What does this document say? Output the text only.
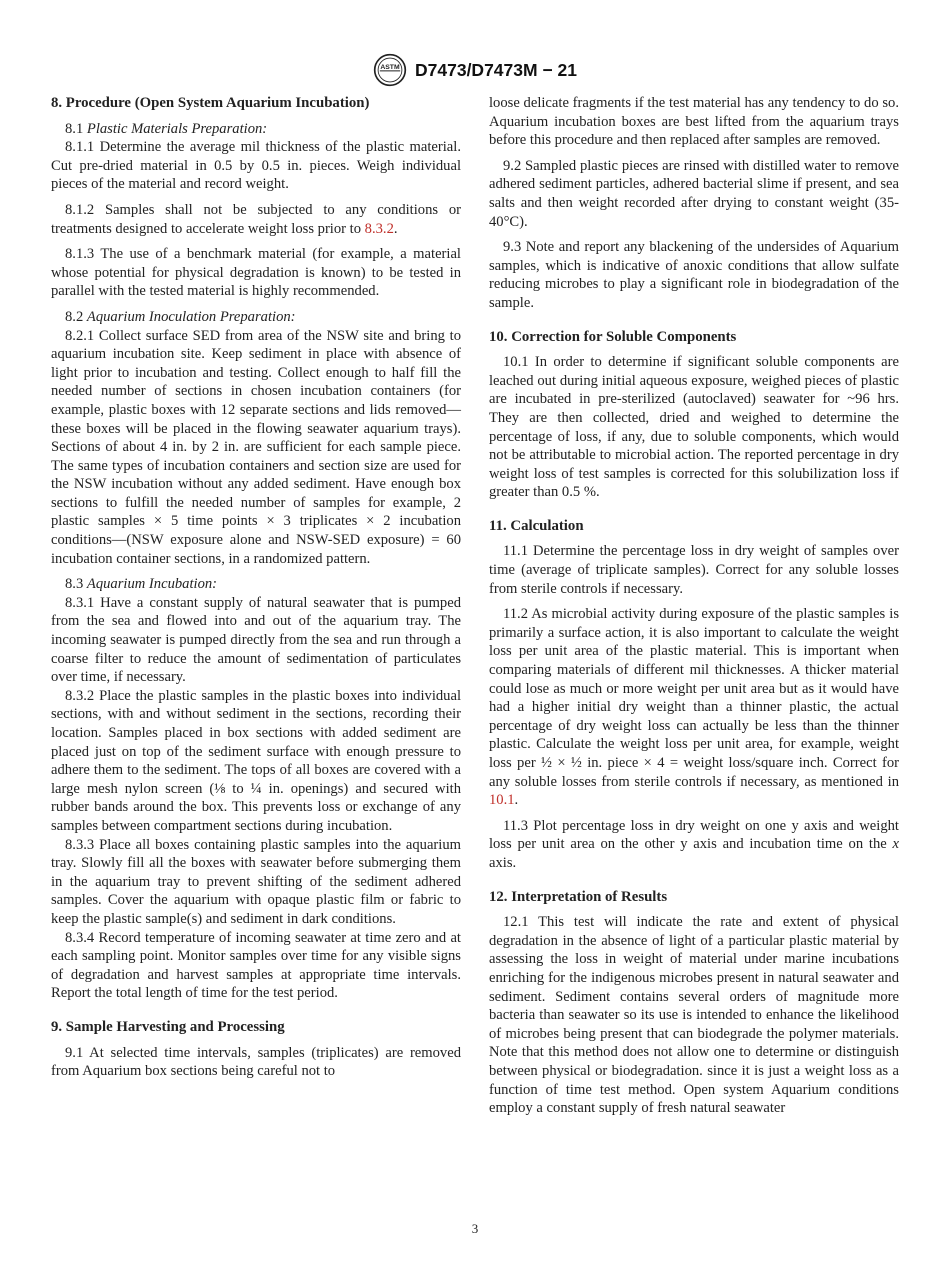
ASTM D7473/D7473M − 21
8. Procedure (Open System Aquarium Incubation)

8.1 Plastic Materials Preparation:

8.1.1 Determine the average mil thickness of the plastic material. Cut pre-dried material in 0.5 by 0.5 in. pieces. Weigh individual pieces of the material and record weight.

8.1.2 Samples shall not be subjected to any conditions or treatments designed to accelerate weight loss prior to 8.3.2.

8.1.3 The use of a benchmark material (for example, a material whose potential for physical degradation is known) to be tested in parallel with the tested material is highly recommended.

8.2 Aquarium Inoculation Preparation:

8.2.1 Collect surface SED from area of the NSW site and bring to aquarium incubation site. Keep sediment in place with absence of light prior to incubation and testing. Collect enough to half fill the needed number of sections in chosen incubation containers (for example, plastic boxes with 12 separate sections and lids removed—these boxes will be placed in the flowing seawater aquarium trays). Sections of about 4 in. by 2 in. are sufficient for each sample piece. The same types of incubation containers and section size are used for the NSW incubation without any added sediment. Have enough box sections to fulfill the needed number of samples for example, 2 plastic samples × 5 time points × 3 triplicates × 2 incubation conditions—(NSW exposure alone and NSW-SED exposure) = 60 incubation container sections, in a randomized pattern.

8.3 Aquarium Incubation:

8.3.1 Have a constant supply of natural seawater that is pumped from the sea and flowed into and out of the aquarium tray. The incoming seawater is pumped directly from the sea and run through a coarse filter to reduce the amount of sedimentation of particulates over time, if necessary.

8.3.2 Place the plastic samples in the plastic boxes into individual sections, with and without sediment in the sections, recording their location. Samples placed in box sections with added sediment are placed just on top of the sediment surface with enough pressure to adhere them to the sediment. The tops of all boxes are covered with a large mesh nylon screen (⅛ to ¼ in. openings) and secured with rubber bands around the box. This prevents loss or exchange of any samples between compartment sections during incubation.

8.3.3 Place all boxes containing plastic samples into the aquarium tray. Slowly fill all the boxes with seawater before submerging them in the aquarium tray to prevent shifting of the sediment adhered samples. Cover the aquarium with opaque plastic film or fabric to keep the plastic sample(s) and sediment in dark conditions.

8.3.4 Record temperature of incoming seawater at time zero and at each sampling point. Monitor samples over time for any visible signs of degradation and harvest samples at appropriate time intervals. Report the total length of time for the test period.

9. Sample Harvesting and Processing

9.1 At selected time intervals, samples (triplicates) are removed from Aquarium box sections being careful not to

loose delicate fragments if the test material has any tendency to do so. Aquarium incubation boxes are best lifted from the aquarium trays before this procedure and then replaced after samples are removed.

9.2 Sampled plastic pieces are rinsed with distilled water to remove adhered sediment particles, adhered bacterial slime if present, and sea salts and then weight recorded after drying to constant weight (35-40°C).

9.3 Note and report any blackening of the undersides of Aquarium samples, which is indicative of anoxic conditions that allow sulfate reducing microbes to play a significant role in biodegradation of the sample.

10. Correction for Soluble Components

10.1 In order to determine if significant soluble components are leached out during initial aqueous exposure, weighed pieces of plastic are incubated in pre-sterilized (autoclaved) seawater for ~96 hrs. They are then collected, dried and weighed to determine the percentage of loss, if any, due to soluble components, which would not be attributable to microbial action. The reported percentage in dry weight loss of test samples is corrected for this solubilization loss if greater than 0.5 %.

11. Calculation

11.1 Determine the percentage loss in dry weight of samples over time (average of triplicate samples). Correct for any soluble losses from sterile controls if necessary.

11.2 As microbial activity during exposure of the plastic samples is primarily a surface action, it is also important to calculate the weight loss per unit area of the plastic material. This is important when comparing materials of different mil thicknesses. A thicker material could lose as much or more weight per unit area but as it would have had a higher initial dry weight than a thinner plastic, the actual percentage of dry weight loss can actually be less than the thinner plastic. Calculate the weight loss per unit area, for example, weight loss per ½ × ½ in. piece × 4 = weight loss/square inch. Correct for any soluble losses from sterile controls if necessary, as mentioned in 10.1.

11.3 Plot percentage loss in dry weight on one y axis and weight loss per unit area on the other y axis and incubation time on the x axis.

12. Interpretation of Results

12.1 This test will indicate the rate and extent of physical degradation in the absence of light of a particular plastic material by assessing the loss in weight of material under marine incubations enriching for the indigenous microbes present in natural seawater and sediment. Sediment contains several orders of magnitude more bacteria than seawater so its use is intended to enhance the likelihood of microbes being present that can biodegrade the polymer materials. Note that this method does not allow one to determine or distinguish between physical or biodegradation. since it is just a weight loss as a function of time test method. Open system Aquarium conditions employ a constant supply of fresh natural seawater

3
